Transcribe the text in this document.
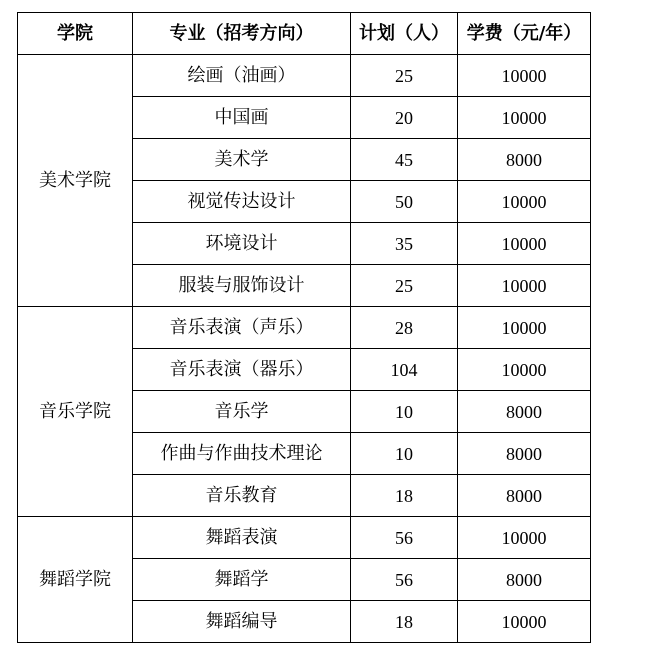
学院	专业（招考方向）	计划（人）	学费（元/年）
美术学院	绘画（油画）	25	10000
	中国画	20	10000
	美术学	45	8000
	视觉传达设计	50	10000
	环境设计	35	10000
	服装与服饰设计	25	10000
音乐学院	音乐表演（声乐）	28	10000
	音乐表演（器乐）	104	10000
	音乐学	10	8000
	作曲与作曲技术理论	10	8000
	音乐教育	18	8000
舞蹈学院	舞蹈表演	56	10000
	舞蹈学	56	8000
	舞蹈编导	18	10000
